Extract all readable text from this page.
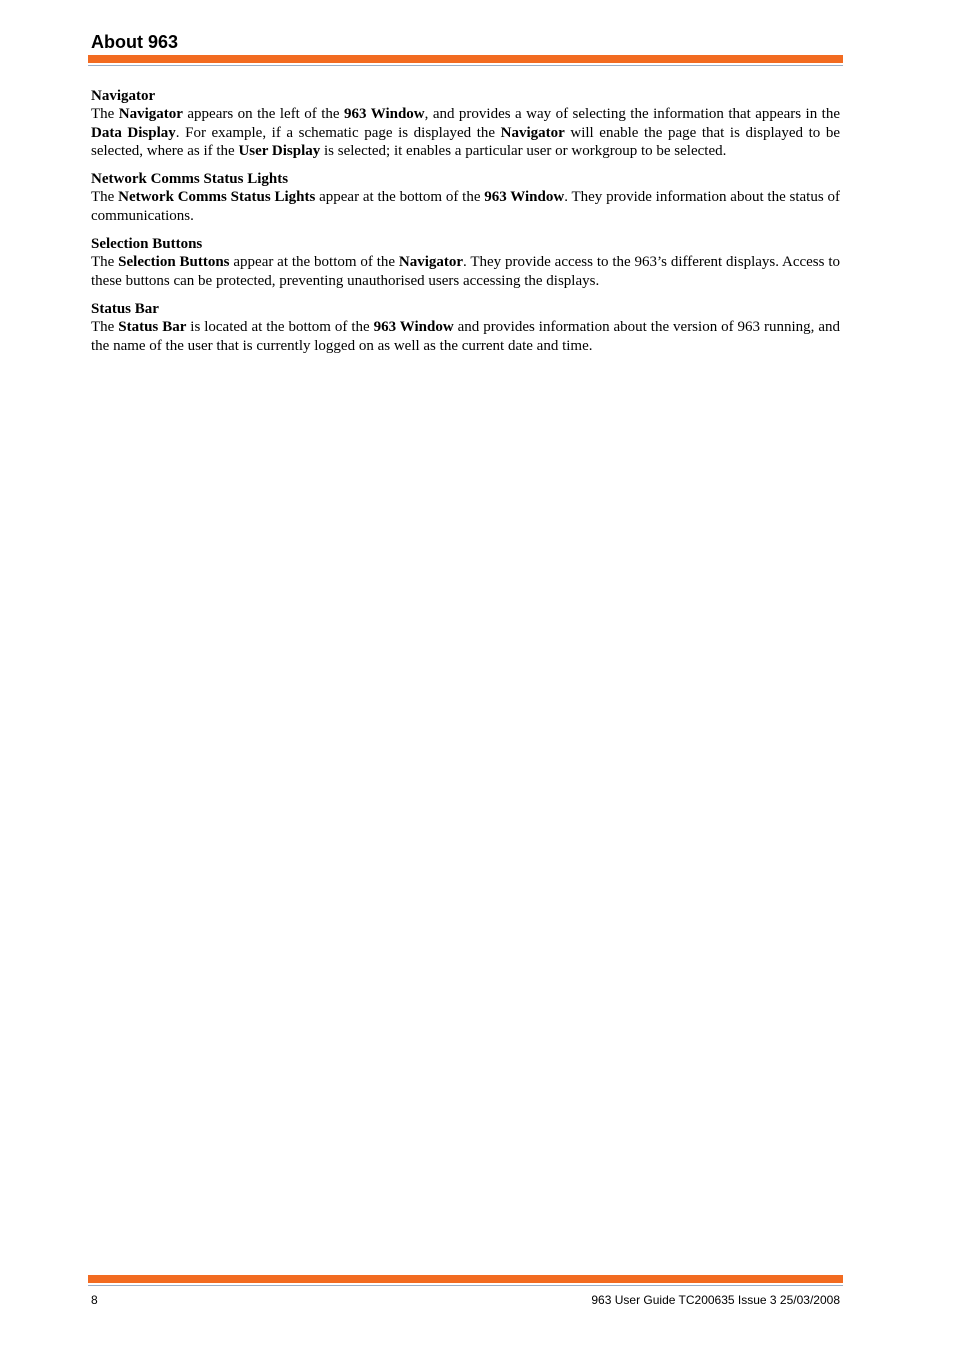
About 963
Navigator

The Navigator appears on the left of the 963 Window, and provides a way of selecting the information that appears in the Data Display. For example, if a schematic page is displayed the Navigator will enable the page that is displayed to be selected, where as if the User Display is selected; it enables a particular user or workgroup to be selected.

Network Comms Status Lights

The Network Comms Status Lights appear at the bottom of the 963 Window. They provide information about the status of communications.

Selection Buttons

The Selection Buttons appear at the bottom of the Navigator. They provide access to the 963’s different displays. Access to these buttons can be protected, preventing unauthorised users accessing the displays.

Status Bar

The Status Bar is located at the bottom of the 963 Window and provides information about the version of 963 running, and the name of the user that is currently logged on as well as the current date and time.

8	963 User Guide TC200635 Issue 3 25/03/2008
